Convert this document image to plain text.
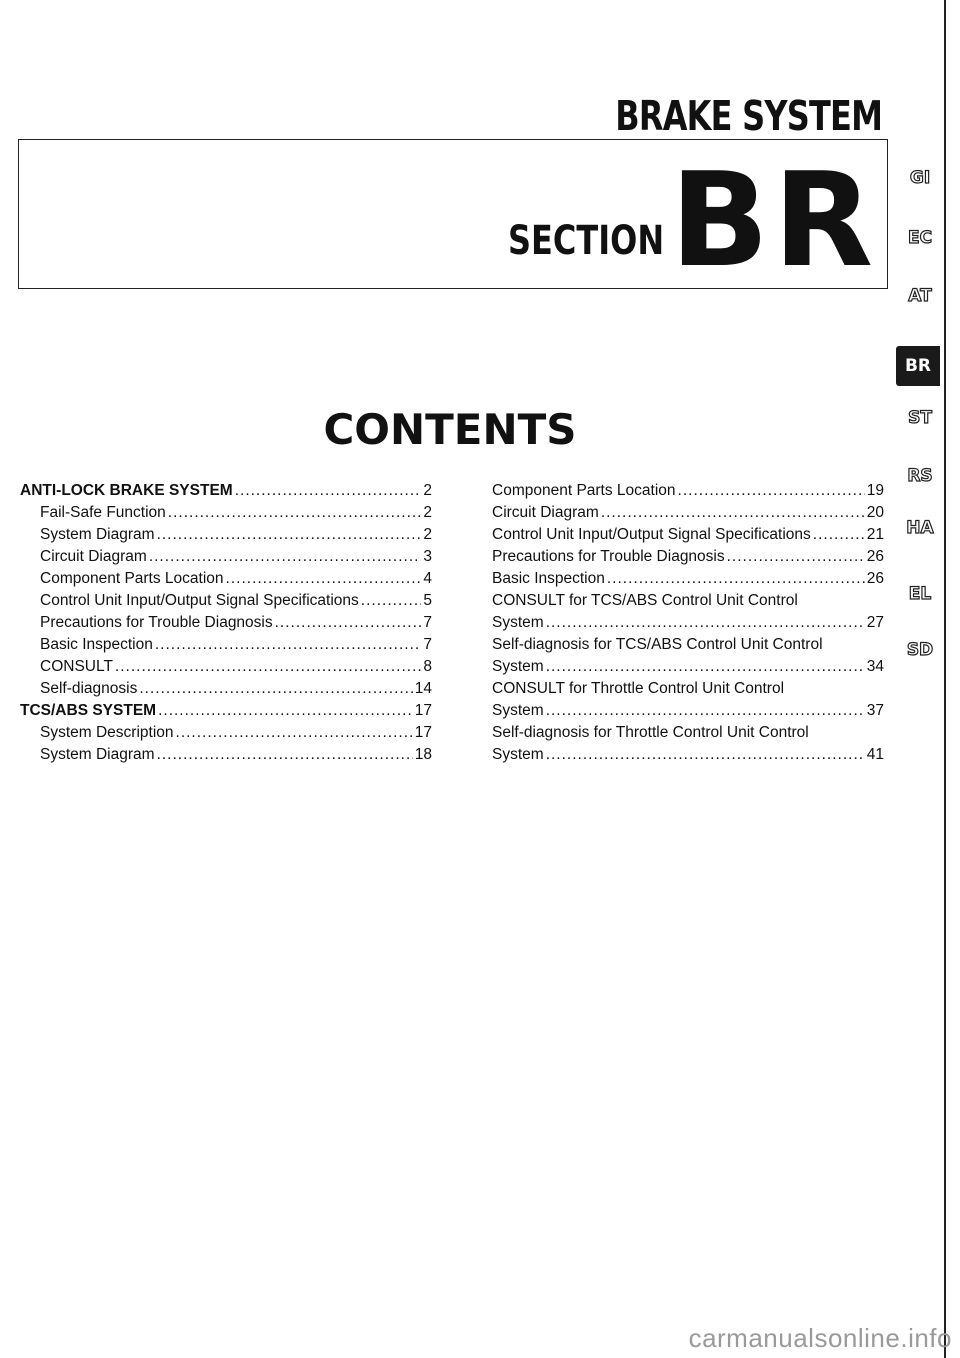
BRAKE SYSTEM
SECTION BR
CONTENTS
ANTI-LOCK BRAKE SYSTEM .....	2
Fail-Safe Function .....	2
System Diagram .....	2
Circuit Diagram .....	3
Component Parts Location .....	4
Control Unit Input/Output Signal Specifications .....	5
Precautions for Trouble Diagnosis .....	7
Basic Inspection .....	7
CONSULT .....	8
Self-diagnosis .....	14
TCS/ABS SYSTEM .....	17
System Description .....	17
System Diagram .....	18
Component Parts Location .....	19
Circuit Diagram .....	20
Control Unit Input/Output Signal Specifications .....	21
Precautions for Trouble Diagnosis .....	26
Basic Inspection .....	26
CONSULT for TCS/ABS Control Unit Control
System .....	27
Self-diagnosis for TCS/ABS Control Unit Control
System .....	34
CONSULT for Throttle Control Unit Control
System .....	37
Self-diagnosis for Throttle Control Unit Control
System .....	41
GI
EC
AT
BR
ST
RS
HA
EL
SD
carmanualsonline.info
